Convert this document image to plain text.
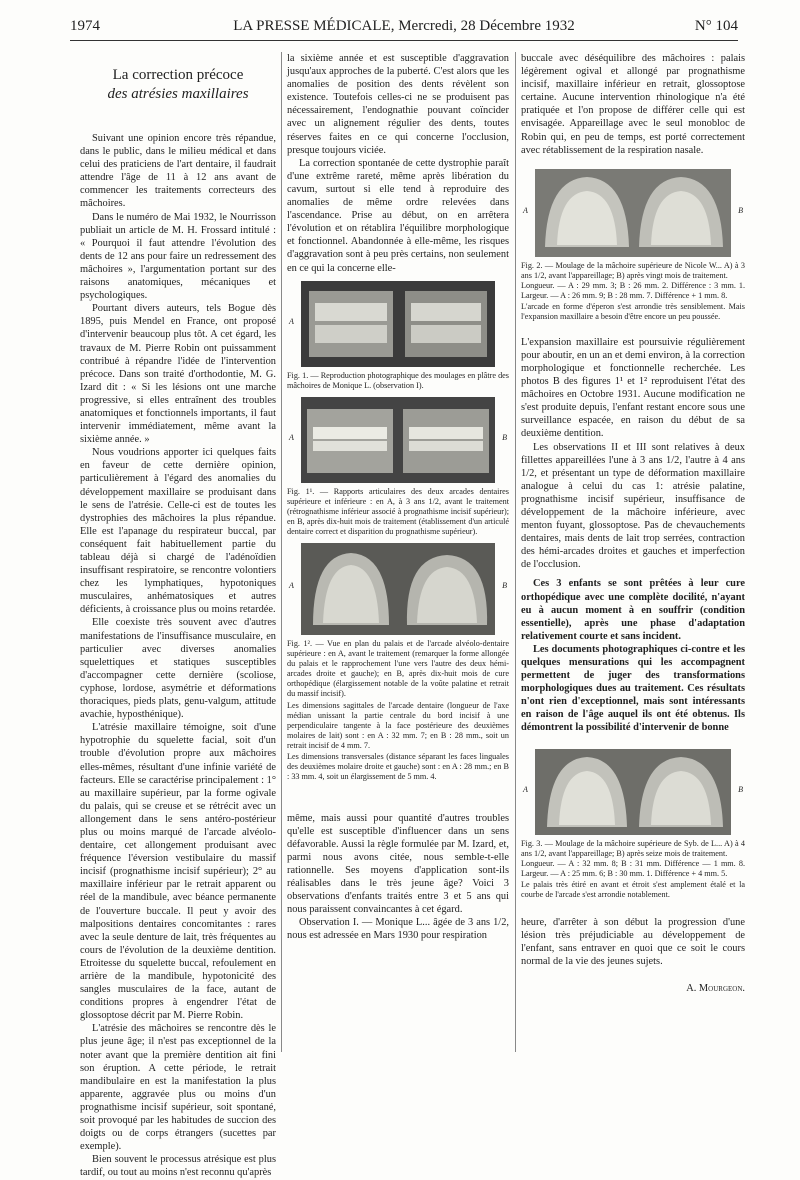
1974	LA PRESSE MÉDICALE, Mercredi, 28 Décembre 1932	N° 104
La correction précoce
des atrésies maxillaires

Suivant une opinion encore très répandue, dans le public, dans le milieu médical et dans celui des praticiens de l'art dentaire, il faudrait attendre l'âge de 11 à 12 ans avant de commencer les traitements correcteurs des mâchoires.

Dans le numéro de Mai 1932, le Nourrisson publiait un article de M. H. Frossard intitulé : « Pourquoi il faut attendre l'évolution des dents de 12 ans pour faire un redressement des mâchoires », l'argumentation portant sur des raisons anatomiques, mécaniques et psychologiques.

Pourtant divers auteurs, tels Bogue dès 1895, puis Mendel en France, ont proposé d'intervenir beaucoup plus tôt. A cet égard, les travaux de M. Pierre Robin ont puissamment contribué à répandre l'idée de l'intervention précoce. Dans son traité d'orthodontie, M. G. Izard dit : « Si les lésions ont une marche progressive, si elles entraînent des troubles anatomiques et fonctionnels importants, il faut intervenir immédiatement, même avant la sixième année. »

Nous voudrions apporter ici quelques faits en faveur de cette dernière opinion, particulièrement à l'égard des anomalies du développement maxillaire se produisant dans le sens de l'atrésie. Celle-ci est de toutes les dystrophies des mâchoires la plus répandue. Elle est l'apanage du respirateur buccal, par conséquent fait habituellement partie du tableau déjà si chargé de l'adénoïdien insuffisant respiratoire, se rencontre volontiers chez les lymphatiques, hypotoniques musculaires, anhématosiques et autres déficients, à croissance plus ou moins retardée.

Elle coexiste très souvent avec d'autres manifestations de l'insuffisance musculaire, en particulier avec diverses anomalies squelettiques et statiques susceptibles d'accompagner cette dernière (scoliose, cyphose, lordose, asymétrie et déformations thoraciques, pieds plats, genu-valgum, attitude avachie, hyposthénique).

L'atrésie maxillaire témoigne, soit d'une hypotrophie du squelette facial, soit d'un trouble d'évolution propre aux mâchoires elles-mêmes, résultant d'une infinie variété de facteurs. Elle se caractérise principalement : 1° au maxillaire supérieur, par la forme ogivale du palais, qui se creuse et se rétrécit avec un allongement dans le sens antéro-postérieur plus ou moins marqué de l'arcade alvéolo-dentaire, cet allongement produisant avec fréquence l'éversion vestibulaire du massif incisif (prognathisme incisif supérieur); 2° au maxillaire inférieur par le retrait apparent ou réel de la mandibule, avec béance permanente de l'ouverture buccale. Il peut y avoir des malpositions dentaires concomitantes : rares avec la seule denture de lait, très fréquentes au cours de l'évolution de la deuxième dentition. Etroitesse du squelette buccal, refoulement en arrière de la mandibule, hypotonicité des sangles musculaires de la face, autant de conditions propres à engendrer l'état de glossoptose décrit par M. Pierre Robin.

L'atrésie des mâchoires se rencontre dès le plus jeune âge; il n'est pas exceptionnel de la noter avant que la première dentition ait fini son éruption. A cette période, le retrait mandibulaire en est la manifestation la plus apparente, aggravée plus ou moins d'un prognathisme incisif supérieur, soit spontané, soit provoqué par les habitudes de succion des doigts ou de corps étrangers (sucettes par exemple).

Bien souvent le processus atrésique est plus tardif, ou tout au moins n'est reconnu qu'après

la sixième année et est susceptible d'aggravation jusqu'aux approches de la puberté. C'est alors que les anomalies de position des dents révèlent son existence. Toutefois celles-ci ne se produisent pas nécessairement, l'endognathie pouvant coïncider avec un alignement régulier des dents, toutes réserves faites en ce qui concerne l'occlusion, presque toujours viciée.

La correction spontanée de cette dystrophie paraît d'une extrême rareté, même après libération du cavum, surtout si elle tend à reproduire des anomalies de même ordre relevées dans l'ascendance. Prise au début, on en arrêtera l'évolution et on rétablira l'équilibre morphologique et fonctionnel. Abandonnée à elle-même, les risques d'aggravation sont à peu près certains, non seulement en ce qui la concerne elle-

A
Fig. 1. — Reproduction photographique des moulages en plâtre des mâchoires de Monique L. (observation I).
A	B
Fig. 1¹. — Rapports articulaires des deux arcades dentaires supérieure et inférieure : en A, à 3 ans 1/2, avant le traitement (rétrognathisme inférieur associé à prognathisme incisif supérieur); en B, après dix-huit mois de traitement (établissement d'un articulé dentaire correct et disparition du prognathisme supérieur).
A	B
Fig. 1². — Vue en plan du palais et de l'arcade alvéolo-dentaire supérieure : en A, avant le traitement (remarquer la forme allongée du palais et le rapprochement l'une vers l'autre des deux hémi-arcades droite et gauche); en B, après dix-huit mois de cure orthopédique (élargissement notable de la voûte palatine et retrait du massif incisif).

Les dimensions sagittales de l'arcade dentaire (longueur de l'axe médian unissant la partie centrale du bord incisif à une perpendiculaire tangente à la face postérieure des deuxièmes molaires de lait) sont : en A : 32 mm. 7; en B : 28 mm., soit un retrait incisif de 4 mm. 7.

Les dimensions transversales (distance séparant les faces linguales des deuxièmes molaire droite et gauche) sont : en A : 28 mm.; en B : 33 mm. 4, soit un élargissement de 5 mm. 4.

même, mais aussi pour quantité d'autres troubles qu'elle est susceptible d'influencer dans un sens défavorable. Aussi la règle formulée par M. Izard, et, parmi nous avons citée, nous semble-t-elle rationnelle. Ses moyens d'application sont-ils réalisables dans le très jeune âge? Voici 3 observations d'enfants traités entre 3 et 5 ans qui nous paraissent convaincantes à cet égard.

Observation I. — Monique L... âgée de 3 ans 1/2, nous est adressée en Mars 1930 pour respiration

buccale avec déséquilibre des mâchoires : palais légèrement ogival et allongé par prognathisme incisif, maxillaire inférieur en retrait, glossoptose certaine. Aucune intervention rhinologique n'a été pratiquée et l'on propose de différer celle qui est envisagée. Appareillage avec le seul monobloc de Robin qui, en peu de temps, est porté correctement avec rétablissement de la respiration nasale.

A	B
Fig. 2. — Moulage de la mâchoire supérieure de Nicole W... A) à 3 ans 1/2, avant l'appareillage; B) après vingt mois de traitement.

Longueur. — A : 29 mm. 3; B : 26 mm. 2. Différence : 3 mm. 1. Largeur. — A : 26 mm. 9; B : 28 mm. 7. Différence + 1 mm. 8.

L'arcade en forme d'éperon s'est arrondie très sensiblement. Mais l'expansion maxillaire a besoin d'être encore un peu poussée.

L'expansion maxillaire est poursuivie régulièrement pour aboutir, en un an et demi environ, à la correction morphologique et fonctionnelle recherchée. Les photos B des figures 1¹ et 1² reproduisent l'état des mâchoires en Octobre 1931. Aucune modification ne s'est produite depuis, l'enfant restant encore sous une surveillance espacée, en raison du début de sa deuxième dentition.

Les observations II et III sont relatives à deux fillettes appareillées l'une à 3 ans 1/2, l'autre à 4 ans 1/2, et présentant un type de déformation maxillaire analogue à celui du cas 1: atrésie palatine, prognathisme incisif supérieur, insuffisance de développement de la mâchoire inférieure, avec menton fuyant, glossoptose. Pas de chevauchements dentaires, mais dents de lait trop serrées, contraction des hémi-arcades droites et gauches et imperfection de l'occlusion.

Ces 3 enfants se sont prêtées à leur cure orthopédique avec une complète docilité, n'ayant eu à aucun moment à en souffrir (condition essentielle), après une phase d'adaptation relativement courte et sans incident.

Les documents photographiques ci-contre et les quelques mensurations qui les accompagnent permettent de juger des transformations morphologiques dues au traitement. Ces résultats n'ont rien d'exceptionnel, mais sont intéressants en raison de l'âge auquel ils ont été obtenus. Ils démontrent la possibilité d'intervenir de bonne

A	B
Fig. 3. — Moulage de la mâchoire supérieure de Syb. de L... A) à 4 ans 1/2, avant l'appareillage; B) après seize mois de traitement.

Longueur. — A : 32 mm. 8; B : 31 mm. Différence — 1 mm. 8. Largeur. — A : 25 mm. 6; B : 30 mm. 1. Différence + 4 mm. 5.

Le palais très étiré en avant et étroit s'est amplement étalé et la courbe de l'arcade s'est arrondie notablement.

heure, d'arrêter à son début la progression d'une lésion très préjudiciable au développement de l'enfant, sans entraver en quoi que ce soit le cours normal de la vie des jeunes sujets.

A. Mourgeon.
